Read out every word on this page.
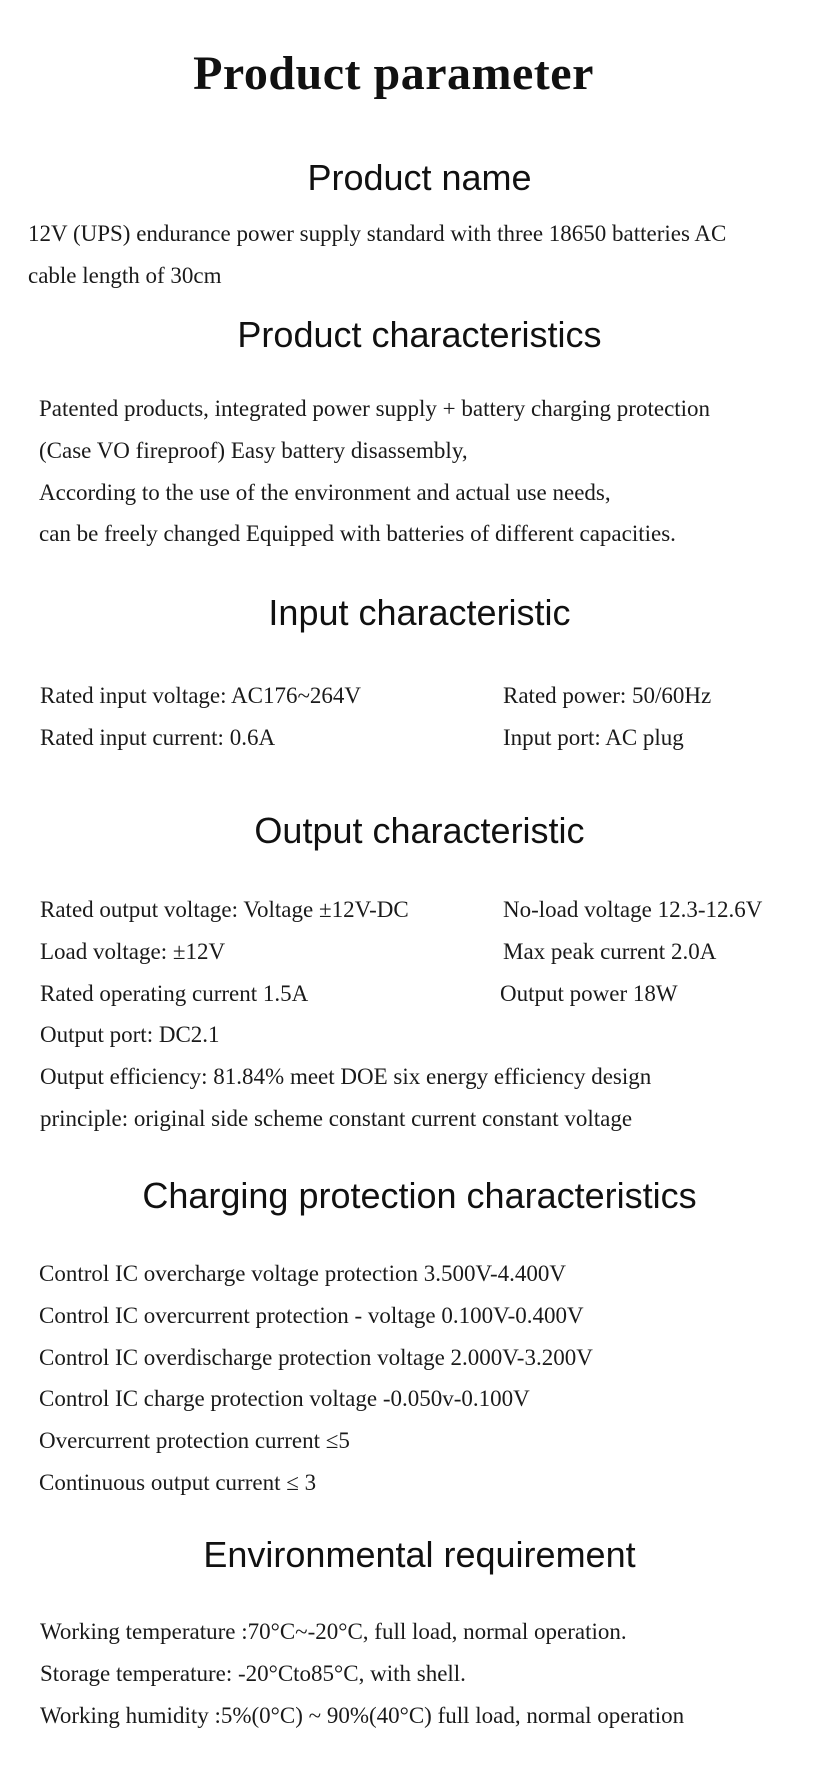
Product parameter
Product name
12V (UPS) endurance power supply standard with three 18650 batteries AC
cable length of 30cm
Product characteristics
Patented products, integrated power supply + battery charging protection
(Case VO fireproof) Easy battery disassembly,
According to the use of the environment and actual use needs,
can be freely changed Equipped with batteries of different capacities.
Input characteristic
Rated input voltage: AC176~264V	Rated power: 50/60Hz
Rated input current: 0.6A	Input port: AC plug
Output characteristic
Rated output voltage: Voltage ±12V-DC	No-load voltage 12.3-12.6V
Load voltage: ±12V	Max peak current 2.0A
Rated operating current 1.5A	Output power 18W
Output port: DC2.1
Output efficiency: 81.84% meet DOE six energy efficiency design
principle: original side scheme constant current constant voltage
Charging protection characteristics
Control IC overcharge voltage protection 3.500V-4.400V
Control IC overcurrent protection - voltage 0.100V-0.400V
Control IC overdischarge protection voltage 2.000V-3.200V
Control IC charge protection voltage -0.050v-0.100V
Overcurrent protection current ≤5
Continuous output current ≤ 3
Environmental requirement
Working temperature :70°C~-20°C, full load, normal operation.
Storage temperature: -20°Cto85°C, with shell.
Working humidity :5%(0°C) ~ 90%(40°C) full load, normal operation
